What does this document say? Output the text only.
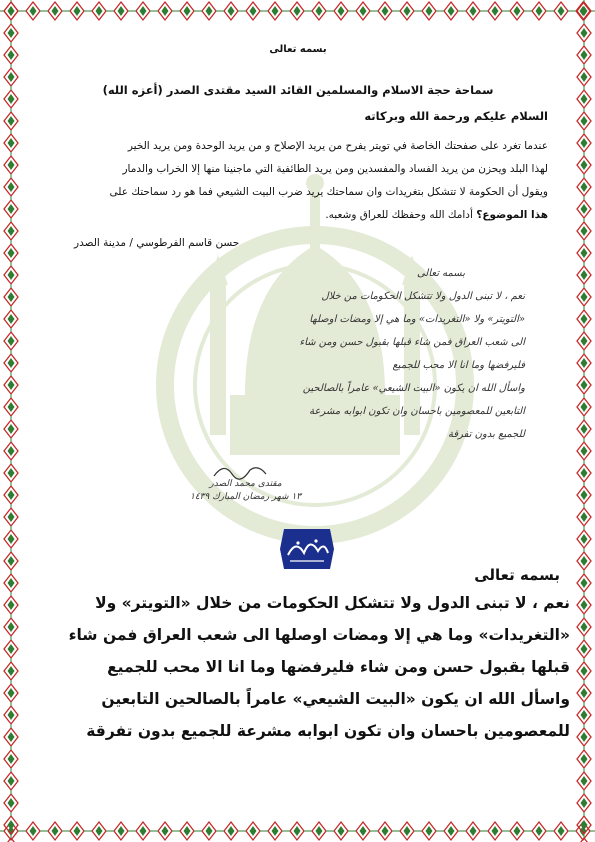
بسمه تعالى
سماحة حجة الاسلام والمسلمين القائد السيد مقتدى الصدر (أعزه الله)
السلام عليكم ورحمة الله وبركاته
عندما تغرد على صفحتك الخاصة في تويتر يفرح من يريد الإصلاح و من يريد الوحدة ومن يريد الخير
لهذا البلد ويحزن من يريد الفساد والمفسدين ومن يريد الطائفية التي ماجنينا منها إلا الخراب والدمار
ويقول أن الحكومة لا تتشكل بتغريدات وان سماحتك يريد ضرب البيت الشيعي فما هو رد سماحتك على
هذا الموضوع؟ أدامك الله وحفظك للعراق وشعبه.
حسن قاسم الفرطوسي / مدينة الصدر
بسمه تعالى
نعم ، لا تبنى الدول ولا تتشكل الحكومات من خلال
«التويتر» ولا «التغريدات» وما هي إلا ومضات اوصلها
الى شعب العراق فمن شاء قبلها بقبول حسن ومن شاء
فليرفضها وما انا الا محب للجميع
واسأل الله ان يكون «البيت الشيعي» عامراً بالصالحين
التابعين للمعصومين باحسان وان تكون ابوابه مشرعة
للجميع بدون تفرقة
مقتدى محمد الصدر
١٣ شهر رمضان المبارك ١٤٣٩
بسمه تعالى
نعم ، لا تبنى الدول ولا تتشكل الحكومات من خلال «التويتر» ولا
«التغريدات» وما هي إلا ومضات اوصلها الى شعب العراق فمن شاء
قبلها بقبول حسن ومن شاء فليرفضها وما انا الا محب للجميع
واسأل الله ان يكون «البيت الشيعي» عامراً بالصالحين التابعين
للمعصومين باحسان وان تكون ابوابه مشرعة للجميع بدون تفرقة
